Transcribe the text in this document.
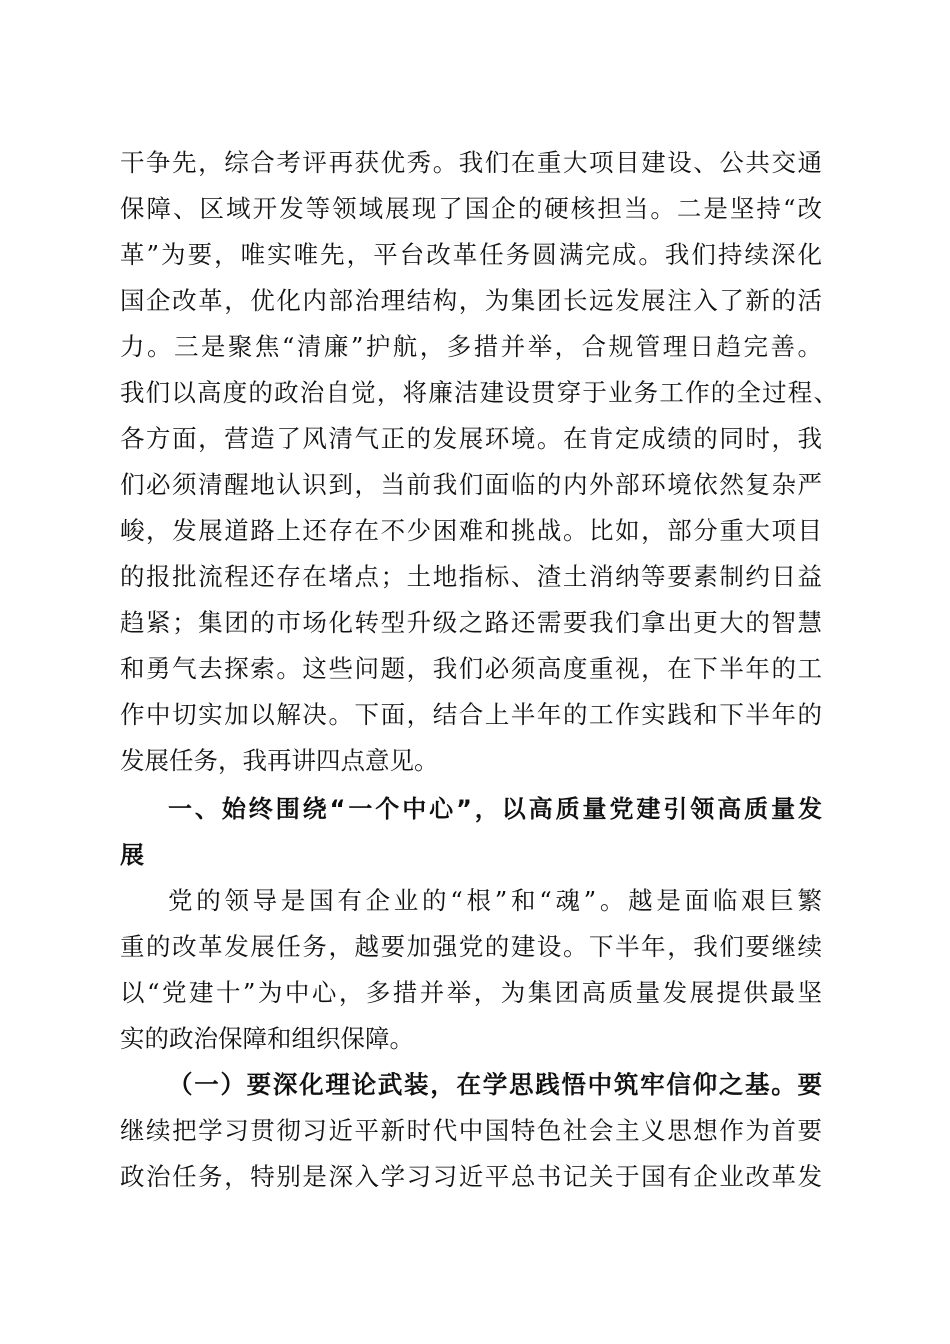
干争先，综合考评再获优秀。我们在重大项目建设、公共交通
保障、区域开发等领域展现了国企的硬核担当。二是坚持“改
革”为要，唯实唯先，平台改革任务圆满完成。我们持续深化
国企改革，优化内部治理结构，为集团长远发展注入了新的活
力。三是聚焦“清廉”护航，多措并举，合规管理日趋完善。
我们以高度的政治自觉，将廉洁建设贯穿于业务工作的全过程、
各方面，营造了风清气正的发展环境。在肯定成绩的同时，我
们必须清醒地认识到，当前我们面临的内外部环境依然复杂严
峻，发展道路上还存在不少困难和挑战。比如，部分重大项目
的报批流程还存在堵点；土地指标、渣土消纳等要素制约日益
趋紧；集团的市场化转型升级之路还需要我们拿出更大的智慧
和勇气去探索。这些问题，我们必须高度重视，在下半年的工
作中切实加以解决。下面，结合上半年的工作实践和下半年的
发展任务，我再讲四点意见。
一、始终围绕“一个中心”，以高质量党建引领高质量发
展
党的领导是国有企业的“根”和“魂”。越是面临艰巨繁
重的改革发展任务，越要加强党的建设。下半年，我们要继续
以“党建十”为中心，多措并举，为集团高质量发展提供最坚
实的政治保障和组织保障。
（一）要深化理论武装，在学思践悟中筑牢信仰之基。要
继续把学习贯彻习近平新时代中国特色社会主义思想作为首要
政治任务，特别是深入学习习近平总书记关于国有企业改革发
